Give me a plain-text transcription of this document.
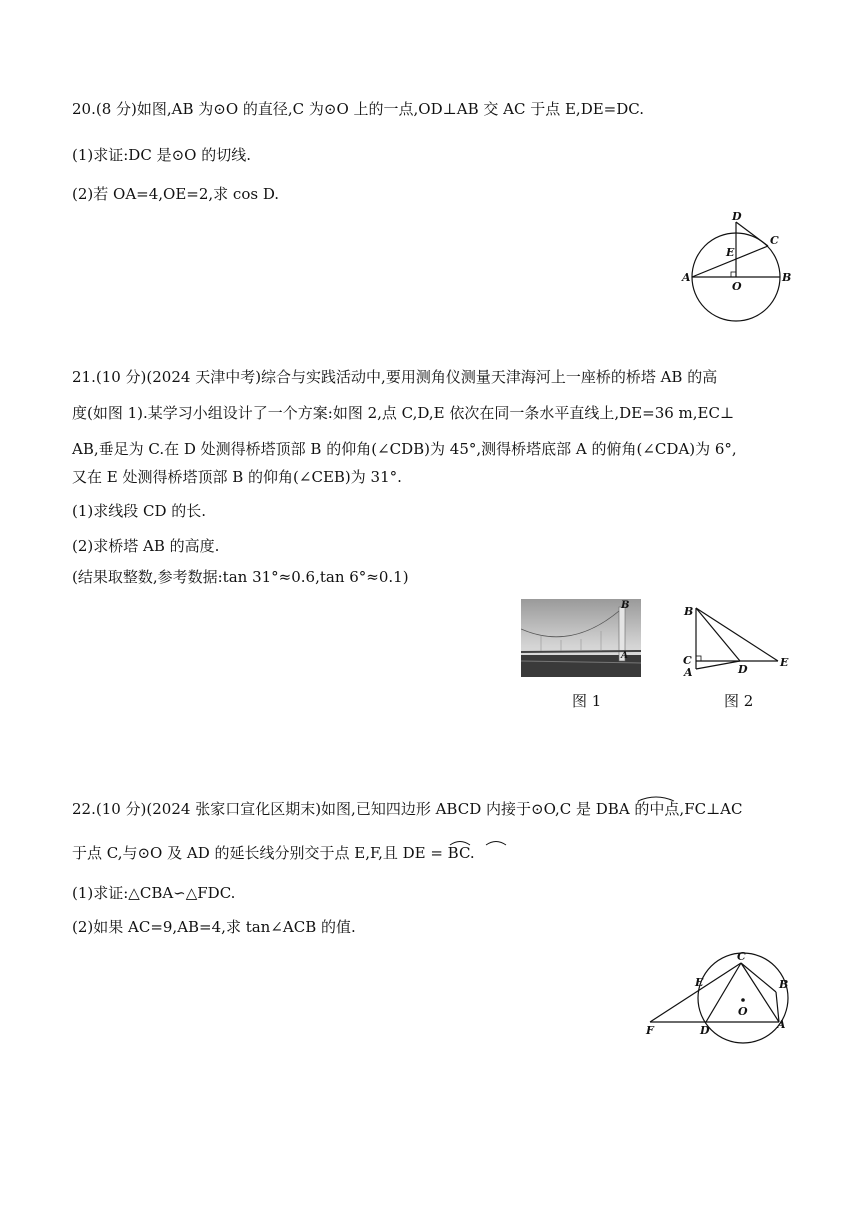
20.(8 分)如图,AB 为⊙O 的直径,C 为⊙O 上的一点,OD⊥AB 交 AC 于点 E,DE=DC.
(1)求证:DC 是⊙O 的切线.
(2)若 OA=4,OE=2,求 cos D.
D
C
E
A	B
O
21.(10 分)(2024 天津中考)综合与实践活动中,要用测角仪测量天津海河上一座桥的桥塔 AB 的高
度(如图 1).某学习小组设计了一个方案:如图 2,点 C,D,E 依次在同一条水平直线上,DE=36 m,EC⊥
AB,垂足为 C.在 D 处测得桥塔顶部 B 的仰角(∠CDB)为 45°,测得桥塔底部 A 的俯角(∠CDA)为 6°,
又在 E 处测得桥塔顶部 B 的仰角(∠CEB)为 31°.
(1)求线段 CD 的长.
(2)求桥塔 AB 的高度.
(结果取整数,参考数据:tan 31°≈0.6,tan 6°≈0.1)
B
A
B
C
A	D
E
图 1	图 2
22.(10 分)(2024 张家口宣化区期末)如图,已知四边形 ABCD 内接于⊙O,C 是 DBA 的中点,FC⊥AC
于点 C,与⊙O 及 AD 的延长线分别交于点 E,F,且 DE = BC.
(1)求证:△CBA∽△FDC.
(2)如果 AC=9,AB=4,求 tan∠ACB 的值.
C
B
E
O
F	D	A
